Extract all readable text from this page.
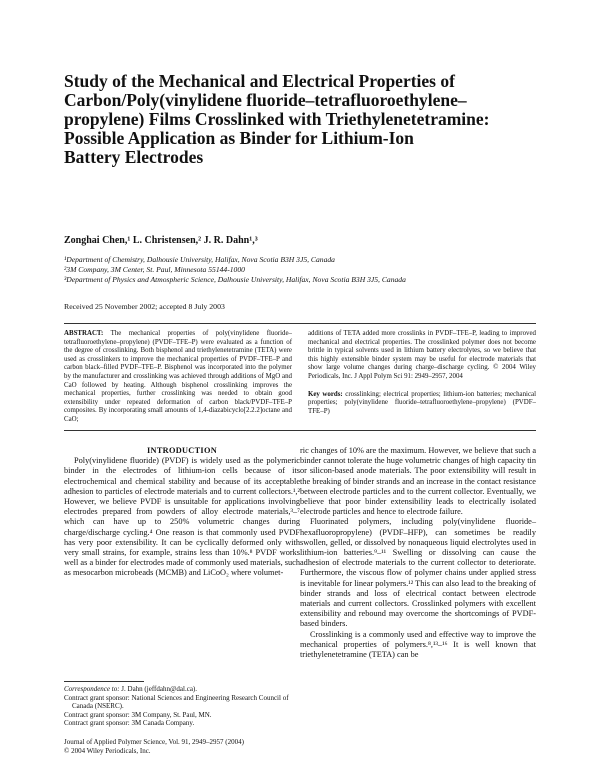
Study of the Mechanical and Electrical Properties of
Carbon/Poly(vinylidene fluoride–tetrafluoroethylene–
propylene) Films Crosslinked with Triethylenetetramine:
Possible Application as Binder for Lithium-Ion
Battery Electrodes

Zonghai Chen,¹ L. Christensen,² J. R. Dahn¹,³

¹Department of Chemistry, Dalhousie University, Halifax, Nova Scotia B3H 3J5, Canada
²3M Company, 3M Center, St. Paul, Minnesota 55144-1000
³Department of Physics and Atmospheric Science, Dalhousie University, Halifax, Nova Scotia B3H 3J5, Canada

Received 25 November 2002; accepted 8 July 2003

ABSTRACT: The mechanical properties of poly(vinylidene fluoride–tetrafluoroethylene–propylene) (PVDF–TFE–P) were evaluated as a function of the degree of crosslinking. Both bisphenol and triethylenetetramine (TETA) were used as crosslinkers to improve the mechanical properties of PVDF–TFE–P and carbon black–filled PVDF–TFE–P. Bisphenol was incorporated into the polymer by the manufacturer and crosslinking was achieved through additions of MgO and CaO followed by heating. Although bisphenol crosslinking improves the mechanical properties, further crosslinking was needed to obtain good extensibility under repeated deformation of carbon black/PVDF–TFE–P composites. By incorporating small amounts of 1,4-diazabicyclo[2.2.2]octane and CaO;

additions of TETA added more crosslinks in PVDF–TFE–P, leading to improved mechanical and electrical properties. The crosslinked polymer does not become brittle in typical solvents used in lithium battery electrolytes, so we believe that this highly extensible binder system may be useful for electrode materials that show large volume changes during charge–discharge cycling. © 2004 Wiley Periodicals, Inc. J Appl Polym Sci 91: 2949–2957, 2004

Key words: crosslinking; electrical properties; lithium-ion batteries; mechanical properties; poly(vinylidene fluoride–tetrafluoroethylene–propylene) (PVDF–TFE–P)

INTRODUCTION

Poly(vinylidene fluoride) (PVDF) is widely used as the polymeric binder in the electrodes of lithium-ion cells because of its electrochemical and chemical stability and because of its acceptable adhesion to particles of electrode materials and to current collectors.¹,² However, we believe PVDF is unsuitable for applications involving electrodes prepared from powders of alloy electrode materials,³–⁷ which can have up to 250% volumetric changes during charge/discharge cycling.⁴ One reason is that commonly used PVDF has very poor extensibility. It can be cyclically deformed only with very small strains, for example, strains less than 10%.⁸ PVDF works well as a binder for electrodes made of commonly used materials, such as mesocarbon microbeads (MCMB) and LiCoO₂ where volumet-

ric changes of 10% are the maximum. However, we believe that such a binder cannot tolerate the huge volumetric changes of high capacity tin or silicon-based anode materials. The poor extensibility will result in the breaking of binder strands and an increase in the contact resistance between electrode particles and to the current collector. Eventually, we believe that poor binder extensibility leads to electrically isolated electrode particles and hence to electrode failure.

Fluorinated polymers, including poly(vinylidene fluoride–hexafluoropropylene) (PVDF–HFP), can sometimes be readily swollen, gelled, or dissolved by nonaqueous liquid electrolytes used in lithium-ion batteries.⁹–¹¹ Swelling or dissolving can cause the adhesion of electrode materials to the current collector to deteriorate. Furthermore, the viscous flow of polymer chains under applied stress is inevitable for linear polymers.¹² This can also lead to the breaking of binder strands and loss of electrical contact between electrode materials and current collectors. Crosslinked polymers with excellent extensibility and rebound may overcome the shortcomings of PVDF-based binders.

Crosslinking is a commonly used and effective way to improve the mechanical properties of polymers.⁸,¹³–¹⁶ It is well known that triethylenetetramine (TETA) can be

Correspondence to: J. Dahn (jeffdahn@dal.ca).

Contract grant sponsor: National Sciences and Engineering Research Council of Canada (NSERC).

Contract grant sponsor: 3M Company, St. Paul, MN.

Contract grant sponsor: 3M Canada Company.

Journal of Applied Polymer Science, Vol. 91, 2949–2957 (2004)
© 2004 Wiley Periodicals, Inc.
